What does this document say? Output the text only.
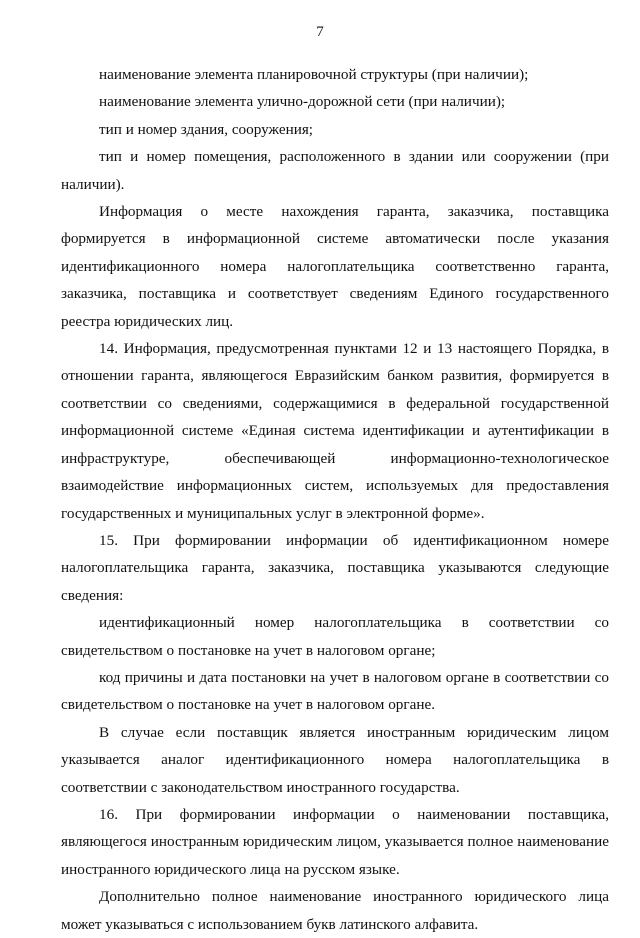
7

наименование элемента планировочной структуры (при наличии);

наименование элемента улично-дорожной сети (при наличии);

тип и номер здания, сооружения;

тип и номер помещения, расположенного в здании или сооружении (при наличии).

Информация о месте нахождения гаранта, заказчика, поставщика формируется в информационной системе автоматически после указания идентификационного номера налогоплательщика соответственно гаранта, заказчика, поставщика и соответствует сведениям Единого государственного реестра юридических лиц.

14. Информация, предусмотренная пунктами 12 и 13 настоящего Порядка, в отношении гаранта, являющегося Евразийским банком развития, формируется в соответствии со сведениями, содержащимися в федеральной государственной информационной системе «Единая система идентификации и аутентификации в инфраструктуре, обеспечивающей информационно-технологическое взаимодействие информационных систем, используемых для предоставления государственных и муниципальных услуг в электронной форме».

15. При формировании информации об идентификационном номере налогоплательщика гаранта, заказчика, поставщика указываются следующие сведения:

идентификационный номер налогоплательщика в соответствии со свидетельством о постановке на учет в налоговом органе;

код причины и дата постановки на учет в налоговом органе в соответствии со свидетельством о постановке на учет в налоговом органе.

В случае если поставщик является иностранным юридическим лицом указывается аналог идентификационного номера налогоплательщика в соответствии с законодательством иностранного государства.

16. При формировании информации о наименовании поставщика, являющегося иностранным юридическим лицом, указывается полное наименование иностранного юридического лица на русском языке.

Дополнительно полное наименование иностранного юридического лица может указываться с использованием букв латинского алфавита.
